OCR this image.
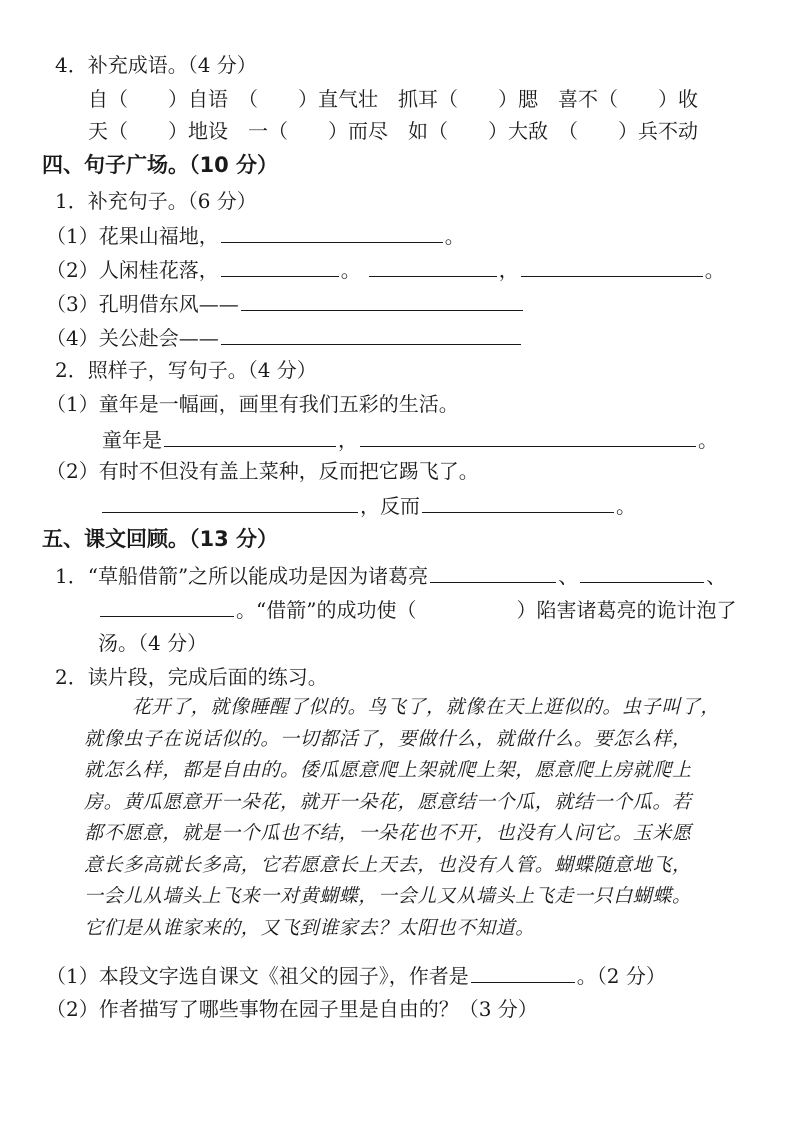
4．补充成语。（4 分）
自（　　）自语　（　　）直气壮　抓耳（　　）腮　喜不（　　）收
天（　　）地设　一（　　）而尽　如（　　）大敌　（　　）兵不动
四、句子广场。（10 分）
1．补充句子。（6 分）
（1）花果山福地，	。
（2）人闲桂花落，	。	，	。
（3）孔明借东风——
（4）关公赴会——
2．照样子，写句子。（4 分）
（1）童年是一幅画，画里有我们五彩的生活。
童年是	，	。
（2）有时不但没有盖上菜种，反而把它踢飞了。
，反而	。
五、课文回顾。（13 分）
1．“草船借箭”之所以能成功是因为诸葛亮	、	、
。“借箭”的成功使（　　　　　）陷害诸葛亮的诡计泡了
汤。（4 分）
2．读片段，完成后面的练习。
花开了，就像睡醒了似的。鸟飞了，就像在天上逛似的。虫子叫了，
就像虫子在说话似的。一切都活了，要做什么，就做什么。要怎么样，
就怎么样，都是自由的。倭瓜愿意爬上架就爬上架，愿意爬上房就爬上
房。黄瓜愿意开一朵花，就开一朵花，愿意结一个瓜，就结一个瓜。若
都不愿意，就是一个瓜也不结，一朵花也不开，也没有人问它。玉米愿
意长多高就长多高，它若愿意长上天去，也没有人管。蝴蝶随意地飞，
一会儿从墙头上飞来一对黄蝴蝶，一会儿又从墙头上飞走一只白蝴蝶。
它们是从谁家来的，又飞到谁家去？太阳也不知道。
（1）本段文字选自课文《祖父的园子》，作者是	。（2 分）
（2）作者描写了哪些事物在园子里是自由的？（3 分）
